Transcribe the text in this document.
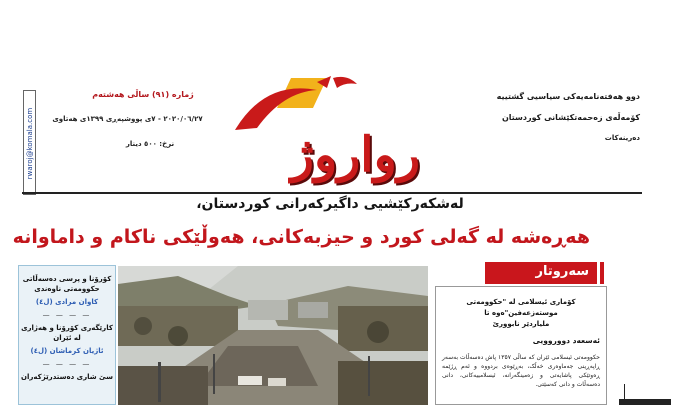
ژمارە (٩١) ساڵی هەشتەم
٢٠٢٠/٠٦/٢٧ - ٧ی پووشپەڕی ١٣٩٩ی هەتاوی
نرخ: ٥٠٠ دینار
rwaroj@komala.com	رواروژ
دوو هەفتەنامەیەکی سیاسیی گشتییە
کۆمەڵەی زەحمەتکێشانی کوردستان
دەرینەکات
لەشکەرکێشیی داگیرکەرانی کوردستان،
هەڕەشە لە گەلی کورد و حیزبەکانی، هەوڵێکی ناکام و داماوانە
کۆرۆنا و پرسی دەسەڵاتی حکوومەتی ناوەندی
کاوان مرادی (ل٤)
— — — —
کارێگەری کۆرۆنا و هەژاری لە ئێران
ئاژیان کرماشان (ل٤)
— — — —
سێ شاری دەستدرێژکەران
سەروتار
کۆماری ئیسلامی لە "حکوومەتی موستەزعەفین"ەوە تا
ملیاردێر نابوورێ
ئەسعەد دووروویی
حکوومەتی ئیسلامی ئێران کە ساڵی ١٣٥٧ پاش دەسەڵات بەسەر ڕاپەڕینی جەماوەری خەڵک، بەڕێوەی بردووە و ئەم ڕژێمە ڕەوتێکی پاشایەتی و زەمینگەرانە، ئیسلامییەکانی، دانی دەسەڵات و دانی کەسێتی.
